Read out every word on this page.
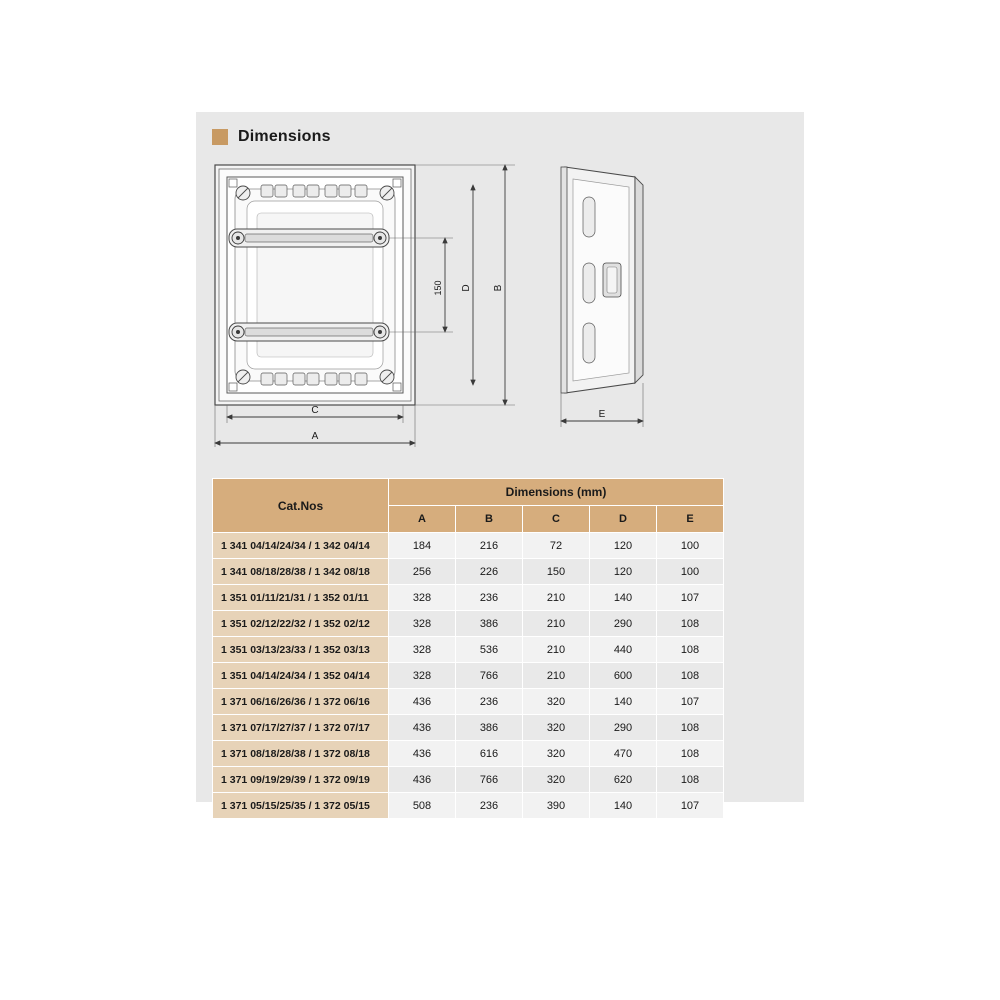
Dimensions
150 D B
C
A
E
Cat.Nos	Dimensions (mm)				
	A	B	C	D	E
1 341 04/14/24/34 / 1 342 04/14	184	216	72	120	100
1 341 08/18/28/38 / 1 342 08/18	256	226	150	120	100
1 351 01/11/21/31 / 1 352 01/11	328	236	210	140	107
1 351 02/12/22/32 / 1 352 02/12	328	386	210	290	108
1 351 03/13/23/33 / 1 352 03/13	328	536	210	440	108
1 351 04/14/24/34 / 1 352 04/14	328	766	210	600	108
1 371 06/16/26/36 / 1 372 06/16	436	236	320	140	107
1 371 07/17/27/37 / 1 372 07/17	436	386	320	290	108
1 371 08/18/28/38 / 1 372 08/18	436	616	320	470	108
1 371 09/19/29/39 / 1 372 09/19	436	766	320	620	108
1 371 05/15/25/35 / 1 372 05/15	508	236	390	140	107
